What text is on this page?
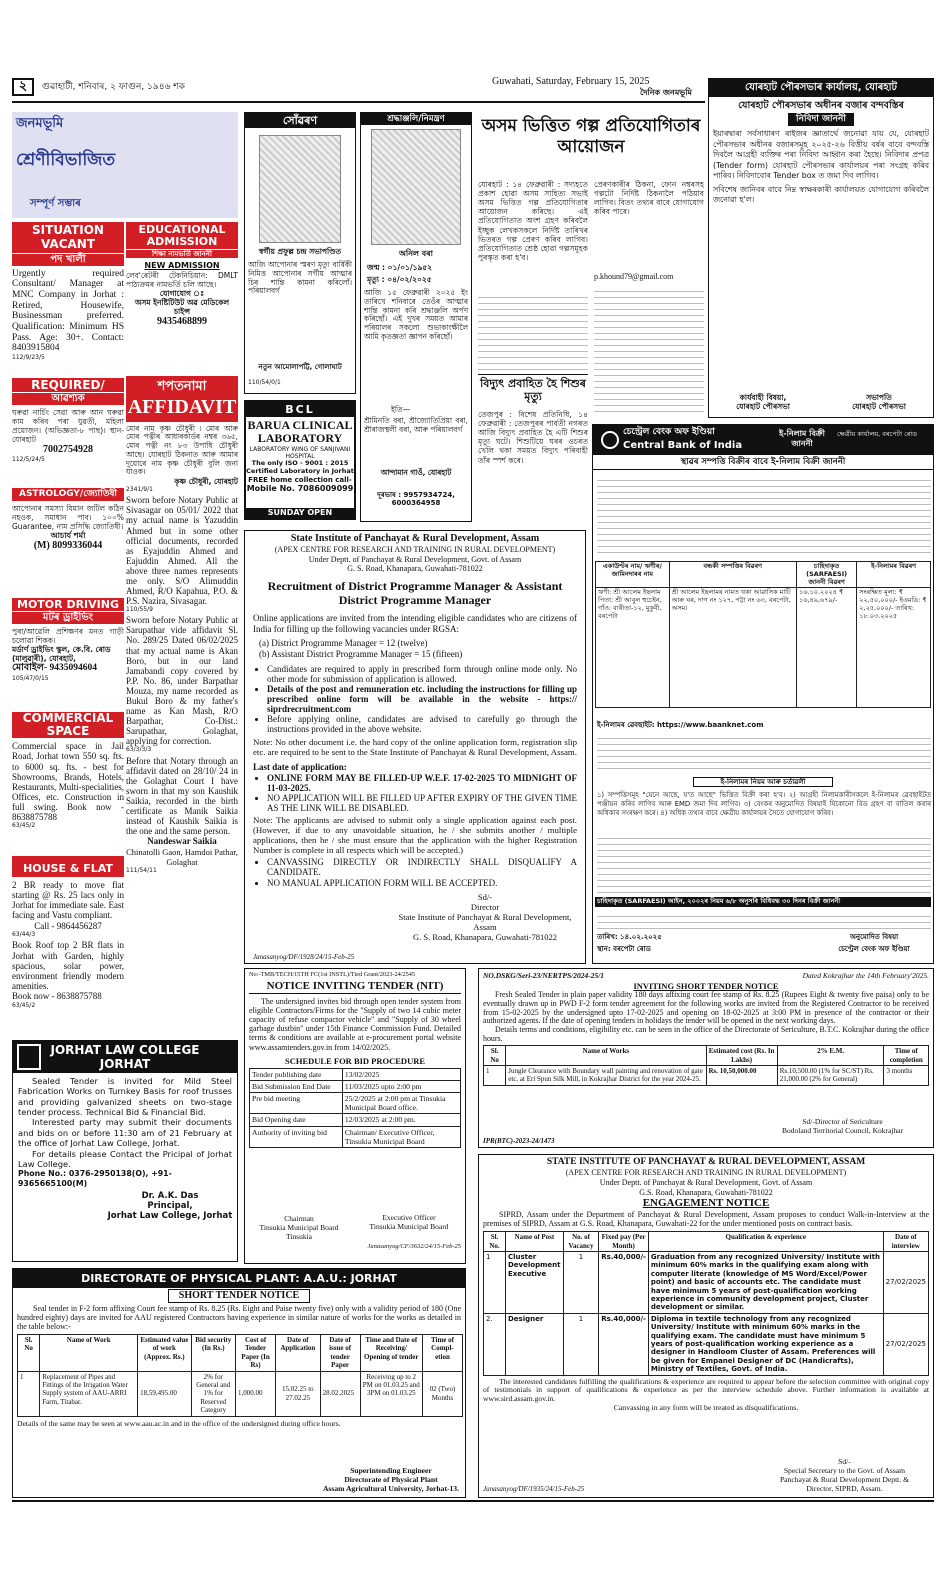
২	গুৱাহাটী, শনিবাৰ, ২ ফাগুন, ১৯৪৬ শক	Guwahati, Saturday, February 15, 2025
দৈনিক জনমভূমি
জনমভূমি
শ্ৰেণীবিভাজিত
সম্পূৰ্ণ সম্ভাৰ
SITUATION VACANT
পদ খালী
Urgently required Consultant/ Manager at MNC Company in Jorhat : Retired, Housewife, Businessman preferred. Qualification: Minimum HS Pass. Age: 30+. Contact: 8403915804
112/9/23/5
REQUIRED/
আৱশ্যক
ঘৰুৱা নাৰ্চিং সেৱা আৰু আন ঘৰুৱা কাম কৰিব পৰা যুৱতী, মহিলা প্ৰয়োজন। (অভিজ্ঞতা-৮ পাছ)। স্থান- যোৰহাট
7002754928
112/5/24/5
ASTROLOGY/জ্যোতিষী
আপোনাৰ সমস্যা যিমান জটিল কঠিন নহওক, সমাধান পাব। ১০০% Guarantee, নাম প্ৰসিদ্ধি জ্যোতিষী।
আচাৰ্য শৰ্মা
(M) 8099336044
MOTOR DRIVING
মটৰ ড্ৰাইভিং
পুৰা/আৱেলি প্ৰশিক্ষণৰ মনত গাড়ী চলোৱা শিকক।
মৰ্ডাৰ্ণ ড্ৰাইভিং স্কুল, কে.বি. ৰোড (মালুৱাৰী), যোৰহাট,
মোবাইল- 9435094604
105/47/0/15
COMMERCIAL SPACE
Commercial space in Jail Road, Jorhat town 550 sq. fts. to 6000 sq. fts. - best for Showrooms, Brands, Hotels, Restaurants, Multi-specialities, Offices, etc. Construction in full swing. Book now - 8638875788
63/45/2
HOUSE & FLAT
2 BR ready to move flat starting @ Rs. 25 lacs only in Jorhat for immediate sale. East facing and Vastu compliant.
Call - 9864456287
63/44/3
Book Roof top 2 BR flats in Jorhat with Garden, highly spacious, solar power, environment friendly modern amenities.
Book now - 8638875788
63/45/2
EDUCATIONAL ADMISSION
শিক্ষা নামভৰ্তি জাননী
NEW ADMISSION
লেব'ৰেটৰী টেকনিচিয়ান: DMLT পাঠ্যক্ৰমৰ নামভৰ্তি চলি আছে।
যোগাযোগ ঃ
অসম ইনষ্টিটিউট অৱ মেডিকেল চাইন্স
9435468899
শপতনামা
AFFIDAVIT
মোৰ নাম কৃষ্ণ চৌধুৰী ৷ মোৰ আৰু মোৰ পত্নীৰ আধাৰকাৰ্ডৰ নম্বৰ ৩৬৫, মোৰ পত্নী নং ৮৩ উপাধি চৌধুৰী আছে। যোৰহাট ঠিকনাত আৰু আমাৰ দুয়োৰে নাম কৃষ্ণ চৌধুৰী বুলি জনা যাওক।
কৃষ্ণ চৌধুৰী, যোৰহাট
2341/9/1
Sworn before Notary Public at Sivasagar on 05/01/ 2022 that my actual name is Yazuddin Ahmed but in some other official documents, recorded as Eyajuddin Ahmed and Eajuddin Ahmed. All the above three names represents me only. S/O Alimuddin Ahmed, R/O Kapahua, P.O. & P.S. Nazira, Sivasagar.
110/55/9
Sworn before Notary Public at Sarupathar vide affidavit Sl. No. 289/25 Dated 06/02/2025 that my actual name is Akan Boro, but in our land Jamabandi copy covered by P.P. No. 86, under Barpathar Mouza, my name recorded as Bukul Boro & my father's name as Kan Mash, R/O Barpathar, Co-Dist.: Sarupathar, Golaghat, applying for correction.
63/3/3/3
Before that Notary through an affidavit dated on 28/10/ 24 in the Golaghat Court I have sworn in that my son Kaushik Saikia, recorded in the birth certificate as Manik Saikia instead of Kaushik Saikia is the one and the same person.
Nandeswar Saikia
Chinatolli Gaon, Hamdoi Pathar, Golaghat
111/54/11
সোঁৱৰণ
স্বৰ্গীয় প্ৰফুল্ল চন্দ্ৰ সভাপণ্ডিত
আজি আপোনাৰ স্মৰণ মৃত্যু বাৰ্ষিকী নিমিত্ত আপোনাৰ সৰ্গীয় আত্মাৰ চিৰ শান্তি কামনা কৰিলোঁ। পৰিয়ালবৰ্গ
নতুন আমোলাপট্টি, গোলাঘাট
110/54/0/1
BCL
BARUA CLINICAL LABORATORY
LABORATORY WING OF SANJIVANI HOSPITAL
The only ISO - 9001 : 2015 Certified Laboratory in Jorhat
FREE home collection call-
Mobile No. 7086009099
SUNDAY OPEN
শ্ৰদ্ধাঞ্জলি/নিমন্ত্ৰণ
অনিল বৰা
জন্ম : ০১/০১/১৯৫২
মৃত্যু : ০৪/০২/২০২৫
আজি ১৫ ফেব্ৰুৱাৰী ২০২৫ ইং তাৰিখে শনিবাৰে তেওঁৰ আত্মাৰ শান্তি কামনা কৰি শ্ৰদ্ধাঞ্জলি অৰ্পণ কৰিছোঁ। এই দুখৰ সময়ত আমাৰ পৰিয়ালৰ সকলো শুভাকাংক্ষীলৈ আমি কৃতজ্ঞতা জ্ঞাপন কৰিছোঁ।
ইতি—
শ্ৰীমিনতি বৰা, শ্ৰীজ্যোতিপ্ৰিয়া বৰা, শ্ৰীৰাজস্থলী বৰা, আৰু পৰিয়ালবৰ্গ
আন্দামান গাওঁ, যোৰহাট
দূৰভাষ : 9957934724, 6000364958
অসম ভিত্তিত গল্প প্ৰতিযোগিতাৰ আয়োজন
যোৰহাট : ১৪ ফেব্ৰুৱাৰী : সদ্যহতে প্ৰকাশ হোৱা অসম সাহিত্য সভাই অসম ভিত্তিত গল্প প্ৰতিযোগিতাৰ আয়োজন কৰিছে। এই প্ৰতিযোগিতাত অংশ গ্ৰহণ কৰিবলৈ ইচ্ছুক লেখকসকলে নিৰ্দিষ্ট তাৰিখৰ ভিতৰত গল্প প্ৰেৰণ কৰিব লাগিব। প্ৰতিযোগিতাত শ্ৰেষ্ঠ হোৱা গল্পসমূহক পুৰস্কৃত কৰা হ'ব।
প্ৰেৰণকাৰীৰ ঠিকনা, ফোন নম্বৰসহ গল্পটো নিৰ্দিষ্ট ঠিকনালৈ পঠিয়াব লাগিব। বিতং তথ্যৰ বাবে যোগাযোগ কৰিব পাৰে।
p.khound79@gmail.com
বিদ্যুৎ প্ৰবাহিত হৈ শিশুৰ মৃত্যু
তেজপুৰ : বিশেষ প্ৰতিনিধি, ১৪ ফেব্ৰুৱাৰী : তেজপুৰৰ পাৰ্বতী নগৰত আজি বিদ্যুৎ প্ৰবাহিত হৈ এটি শিশুৰ মৃত্যু ঘটে। শিশুটিয়ে ঘৰৰ ওচৰত খেলি থকা সময়ত বিদ্যুৎ পৰিবাহী তাঁৰ স্পৰ্শ কৰে।
যোৰহাট পৌৰসভাৰ কাৰ্যালয়, যোৰহাট
যোৰহাট পৌৰসভাৰ অধীনৰ বজাৰ বন্দবস্তিৰ
নিবিদা জাননী
ইয়াৰদ্বাৰা সৰ্বসাধাৰণ ৰাইজৰ জ্ঞাতাৰ্থে জনোৱা যায় যে, যোৰহাট পৌৰসভাৰ অধীনৰ বজাৰসমূহ ২০২৫-২৬ বিত্তীয় বৰ্ষৰ বাবে বন্দবস্তি দিবলৈ আগ্ৰহী ব্যক্তিৰ পৰা নিবিদা আহ্বান কৰা হৈছে। নিবিদাৰ প্ৰপত্ৰ (Tender form) যোৰহাট পৌৰসভাৰ কাৰ্যালয়ৰ পৰা সংগ্ৰহ কৰিব পাৰিব। নিবিদাবোৰ Tender box ত জমা দিব লাগিব।
সবিশেষ জানিবৰ বাবে নিম্ন স্বাক্ষৰকাৰী কাৰ্যালয়ত যোগাযোগ কৰিবলৈ জনোৱা হ'ল।
কাৰ্যবাহী বিষয়া,
যোৰহাট পৌৰসভা
সভাপতি
যোৰহাট পৌৰসভা
চেন্ট্ৰেল বেংক অফ ইণ্ডিয়া
Central Bank of India
ই-নিলাম বিক্ৰী জাননী
ক্ষেত্ৰীয় কাৰ্যালয়, বৰপেটা ৰোড
স্থাৱৰ সম্পত্তি বিক্ৰীৰ বাবে ই-নিলাম বিক্ৰী জাননী
একাউণ্টৰ নাম/ ঋণীৰ/ জামিনদাৰৰ নাম	বন্ধকী সম্পত্তিৰ বিৱৰণ	চাহিদাকৃত (SARFAESI) জাননী বিৱৰণ	ই-নিলামৰ বিৱৰণ
ঋণী: শ্ৰী আলেম ইছলাম পিতা: শ্ৰী আবুল হুচেইন, গাঁও: বাৰীতা-১২, মুকুবী, বৰপেটা	শ্ৰী আলেম ইছলামৰ নামত থকা আৱাসিক মাটি আৰু ঘৰ, দাগ নং ১২৭, পট্টা নং ৬৩, বৰপেটা, অসম।	১৬.১০.২০২৪ ₹ ১৬,৪৯,৬৭৯/-	সংৰক্ষিত মূল্য: ₹ ২২,৫০,০০০/- ইএমডি: ₹ ২,২৫,০০০/- তাৰিখ: ১৮.০৩.২০২৫
ই-নিলামৰ ৱেবছাইট: https://www.baanknet.com
ই-নিলামৰ নিয়ম আৰু চৰ্তাৱলী
১) সম্পত্তিসমূহ "যেনে আছে, য'ত আছে" ভিত্তিত বিক্ৰী কৰা হ'ব। ২) আগ্ৰহী নিলামকাৰীসকলে ই-নিলামৰ ৱেবছাইটত পঞ্জীয়ন কৰিব লাগিব আৰু EMD জমা দিব লাগিব। ৩) বেংকৰ অনুমোদিত বিষয়াই যিকোনো বিড গ্ৰহণ বা বাতিল কৰাৰ অধিকাৰ সংৰক্ষণ কৰে। ৪) অধিক তথ্যৰ বাবে ক্ষেত্ৰীয় কাৰ্যালয়ৰ সৈতে যোগাযোগ কৰিব।
চাহিদাকৃত (SARFAESI) আইন, ২০০২ৰ নিয়ম ৬/৮ অনুসৰি বিধিবদ্ধ ৩০ দিনৰ বিক্ৰী জাননী
তাৰিখ: ১৪.০২.২০২৫
স্থান: বৰপেটা ৰোড
অনুমোদিত বিষয়া
চেণ্ট্ৰেল বেংক অফ ইণ্ডিয়া
State Institute of Panchayat & Rural Development, Assam
(APEX CENTRE FOR RESEARCH AND TRAINING IN RURAL DEVELOPMENT)
Under Deptt. of Panchayat & Rural Development, Govt. of Assam
G. S. Road, Khanapara, Guwahati-781022
Recruitment of District Programme Manager & Assistant District Programme Manager
Online applications are invited from the intending eligible candidates who are citizens of India for filling up the following vacancies under RGSA:
(a) District Programme Manager = 12 (twelve)
(b) Assistant District Programme Manager = 15 (fifteen)
• Candidates are required to apply in prescribed form through online mode only. No other mode for submission of application is allowed.
• Details of the post and remuneration etc. including the instructions for filling up prescribed online form will be available in the website - https:// siprdrecruitment.com
• Before applying online, candidates are advised to carefully go through the instructions provided in the above website.
Note: No other document i.e. the hard copy of the online application form, registration slip etc. are required to be sent to the State Institute of Panchayat & Rural Development, Assam.
Last date of application:
• ONLINE FORM MAY BE FILLED-UP W.E.F. 17-02-2025 TO MIDNIGHT OF 11-03-2025.
• NO APPLICATION WILL BE FILLED UP AFTER EXPIRY OF THE GIVEN TIME AS THE LINK WILL BE DISABLED.
Note: The applicants are advised to submit only a single application against each post. (However, if due to any unavoidable situation, he / she submits another / multiple applications, then he / she must ensure that the application with the higher Registration Number is complete in all respects which will be accepted.)
• CANVASSING DIRECTLY OR INDIRECTLY SHALL DISQUALIFY A CANDIDATE.
• NO MANUAL APPLICATION FORM WILL BE ACCEPTED.
Sd/-
Director
State Institute of Panchayat & Rural Development, Assam
G. S. Road, Khanapara, Guwahati-781022
Janasanyog/DF/1928/24/15-Feb-25
JORHAT LAW COLLEGE
JORHAT
Sealed Tender is invited for Mild Steel Fabrication Works on Turnkey Basis for roof trusses and providing galvanized sheets on two-stage tender process. Technical Bid & Financial Bid.
Interested party may submit their documents and bids on or before 11:30 am of 21 February at the office of Jorhat Law College, Jorhat.
For details please Contact the Pricipal of Jorhat Law College.
Phone No.: 0376-2950138(O), +91-9365665100(M)
Dr. A.K. Das
Principal,
Jorhat Law College, Jorhat
No:-TMB/TECH/15TH FC(1st INSTL)/Tied Grant/2023-24/2545
NOTICE INVITING TENDER (NIT)
The undersigned invites bid through open tender system from eligible Contractors/Firms for the "Supply of two 14 cubic meter capacity of refuse compactor vehicle" and "Supply of 30 wheel garbage dustbin" under 15th Finance Commission Fund. Detailed terms & conditions are available at e-procurement portal website www.assamtenders.gov.in from 14/02/2025.
SCHEDULE FOR BID PROCEDURE
Tender publishing date	13/02/2025
Bid Submission End Date	11/03/2025 upto 2:00 pm
Pre bid meeting	25/2/2025 at 2:00 pm at Tinsukia Municipal Board office.
Bid Opening date	12/03/2025 at 2:00 pm.
Authority of inviting bid	Chairman/ Executive Officer, Tinsukia Municipal Board
Chairman
Tinsukia Municipal Board
Tinsukia
Executive Officer
Tinsukia Municipal Board
Janasanyog/CF/3632/24/15-Feb-25
NO.DSKG/Seri-23/NERTPS/2024-25/1	Dated Kokrajhar the 14th February'2025.
INVITING SHORT TENDER NOTICE
Fresh Sealed Tender in plain paper validity 180 days affixing court fee stamp of Rs. 8.25 (Rupees Eight & twenty five paisa) only to be eventually drawn up in PWD F-2 form tender agreement for the following works are invited from the Registered Contractor to be received from 15-02-2025 by the undersigned upto 17-02-2025 and opening on 18-02-2025 at 3:00 PM in presence of the contractor or their authorized agents. If the date of opening tenders in holidays the tender will be opened in the next working days.
Details terms and conditions, eligibility etc. can be seen in the office of the Directorate of Sericulture, B.T.C. Kokrajhar during the office hours.
Sl. No	Name of Works	Estimated cost (Rs. In Lakhs)	2% E.M.	Time of completion
1	Jungle Clearance with Boundary wall painting and renovation of gate etc. at Eri Spun Silk Mill, in Kokrajhar District for the year 2024-25.	Rs. 10,50,000.00	Rs.10,500.00 (1% for SC/ST) Rs. 21,000.00 (2% for General)	3 months
Sd/-Director of Sericulture
Bodoland Territorial Council, Kokrajhar
IPR(BTC)-2023-24/1473
STATE INSTITUTE OF PANCHAYAT & RURAL DEVELOPMENT, ASSAM
(APEX CENTRE FOR RESEARCH AND TRAINING IN RURAL DEVELOPMENT)
Under Deptt. of Panchayat & Rural Development, Govt. of Assam
G.S. Road, Khanapara, Guwahati-781022
ENGAGEMENT NOTICE
SIPRD, Assam under the Department of Panchayat & Rural Development, Assam proposes to conduct Walk-in-Interview at the premises of SIPRD, Assam at G.S. Road, Khanapara, Guwahati-22 for the under mentioned posts on contract basis.
Sl. No.	Name of Post	No. of Vacancy	Fixed pay (Per Month)	Qualification & experience	Date of interview
1	Cluster Development Executive	1	Rs.40,000/-	Graduation from any recognized University/ Institute with minimum 60% marks in the qualifying exam along with computer literate (knowledge of MS Word/Excel/Power point) and basic of accounts etc. The candidate must have minimum 5 years of post-qualification working experience in community development project, Cluster development or similar.	27/02/2025
2.	Designer	1	Rs.40,000/-	Diploma in textile technology from any recognized University/ Institute with minimum 60% marks in the qualifying exam. The candidate must have minimum 5 years of post-qualification working experience as a designer in Handloom Cluster of Assam. Preferences will be given for Empanel Designer of DC (Handicrafts), Ministry of Textiles, Govt. of India.	27/02/2025
The interested candidates fulfilling the qualifications & experience are required to appear before the selection committee with original copy of testimonials in support of qualifications & experience as per the interview schedule above. Further information is available at www.sird.assam.gov.in.
Canvassing in any form will be treated as disqualifications.
Sd/-
Special Secretary to the Govt. of Assam
Panchayat & Rural Development Deptt. &
Director, SIPRD, Assam.
Janasanyog/DF/1935/24/15-Feb-25
DIRECTORATE OF PHYSICAL PLANT: A.A.U.: JORHAT
SHORT TENDER NOTICE
Seal tender in F-2 form affixing Court fee stamp of Rs. 8.25 (Rs. Eight and Paise twenty five) only with a validity period of 180 (One hundred eighty) days are invited for AAU registered Contractors having experience in similar nature of works for the works as detailed in the table below:-
Sl. No	Name of Work	Estimated value of work (Approx. Rs.)	Bid security (In Rs.)	Cost of Tender Paper (In Rs)	Date of Application	Date of issue of tender Paper	Time and Date of Receiving/ Opening of tender	Time of Compl-etion
1	Replacement of Pipes and Fittings of the Irrigation Water Supply system of AAU-ARRI Farm, Titabar.	18,59,495.00	2% for General and 1% for Reserved Category	1,000.00	15.02.25 to 27.02.25	28.02.2025	Receiving up to 2 PM on 01.03.25 and 3PM on 01.03.25	02 (Two) Months
Details of the same may be seen at www.aau.ac.in and in the office of the undersigned during office hours.
Superintending Engineer
Directorate of Physical Plant
Assam Agricultural University, Jorhat-13.
